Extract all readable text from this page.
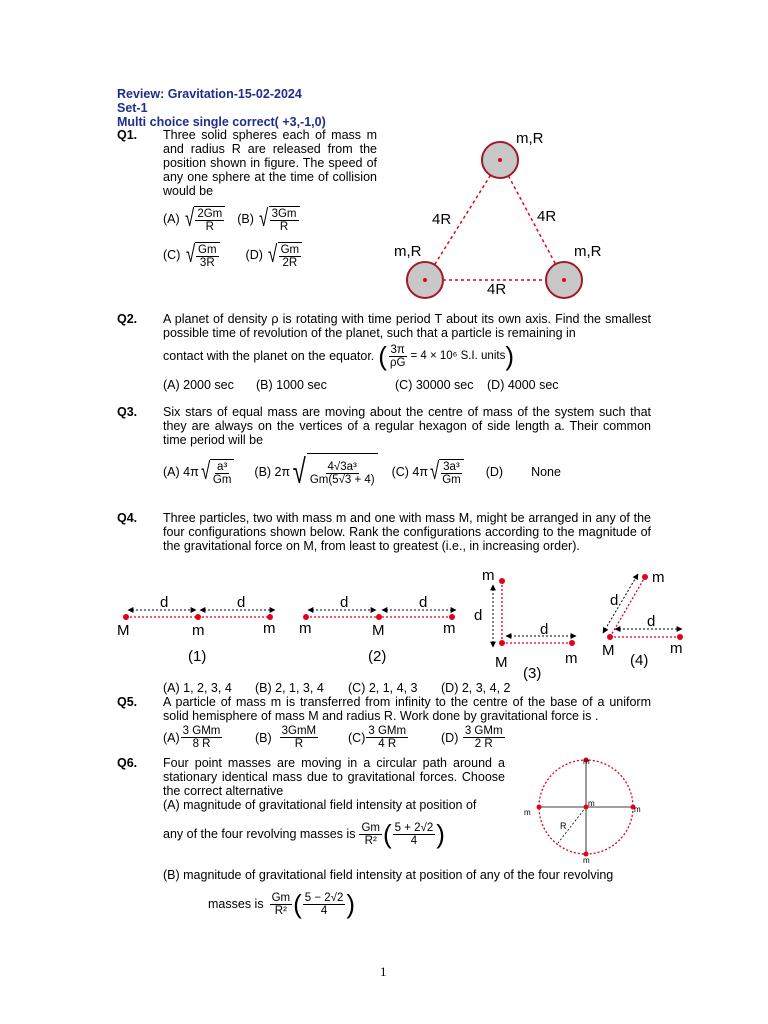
Review: Gravitation-15-02-2024
Set-1
Multi choice single correct( +3,-1,0)
Q1. Three solid spheres each of mass m and radius R are released from the position shown in figure. The speed of any one sphere at the time of collision would be
(A)
√ $\frac{2Gm}{R} (B)$
√ $\frac{3Gm}{R}$
(C)
√ $\frac{Gm}{3R} (D)$
√ $\frac{Gm}{2R}$
m,R
m,R	m,R
4R	4R
4R
Q2. A planet of density ρ is rotating with time period T about its own axis. Find the smallest possible time of revolution of the planet, such that a particle is remaining in
contact with the planet on the equator. ( $\frac{3\pi}{\rho G} = 4 \times 10^6$ S.I. units )
(A) 2000 sec (B) 1000 sec	(C) 30000 sec (D) 4000 sec
Q3. Six stars of equal mass are moving about the centre of mass of the system such that they are always on the vertices of a regular hexagon of side length a. Their common time period will be
(A) 4π √ $\frac{\text{a³}}{Gm} (B)$ 2π √ $\frac{\text{4√3a³}}{Gm(5√3 + 4)} (C)$ 4π √ $\frac{\text{3a³}}{Gm} (D)$ None
Q4. Three particles, two with mass m and one with mass M, might be arranged in any of the four configurations shown below. Rank the configurations according to the magnitude of the gravitational force on M, from least to greatest (i.e., in increasing order).
d	d
M	m	m
(1)
d	d
m	M	m
(2)
m
d
d
M	m
(3)
m
d
d
M	m
(4)
(A) 1, 2, 3, 4 (B) 2, 1, 3, 4 (C) 2, 1, 4, 3 (D) 2, 3, 4, 2
Q5. A particle of mass m is transferred from infinity to the centre of the base of a uniform solid hemisphere of mass M and radius R. Work done by gravitational force is .
$(A) \frac{\text{3 GMm}}{8 R}$	(B)
$\frac{\text{3GmM}}{R} (C) \frac{\text{3 GMm}}{4 R}$	(D)
$\frac{\text{3 GMm}}{2 R}$
Q6. Four point masses are moving in a circular path around a stationary identical mass due to gravitational forces. Choose the correct alternative
(A) magnitude of gravitational field intensity at position of
any of the four revolving masses is $\frac{Gm}{\text{R²}}$ ( $\frac{5 + 2√2}{4}$ )
(B) magnitude of gravitational field intensity at position of any of the four revolving
masses is $\frac{Gm}{\text{R²}}$ ( $\frac{5 - 2√2}{4}$ )
m
m
m	m
m
R
1
